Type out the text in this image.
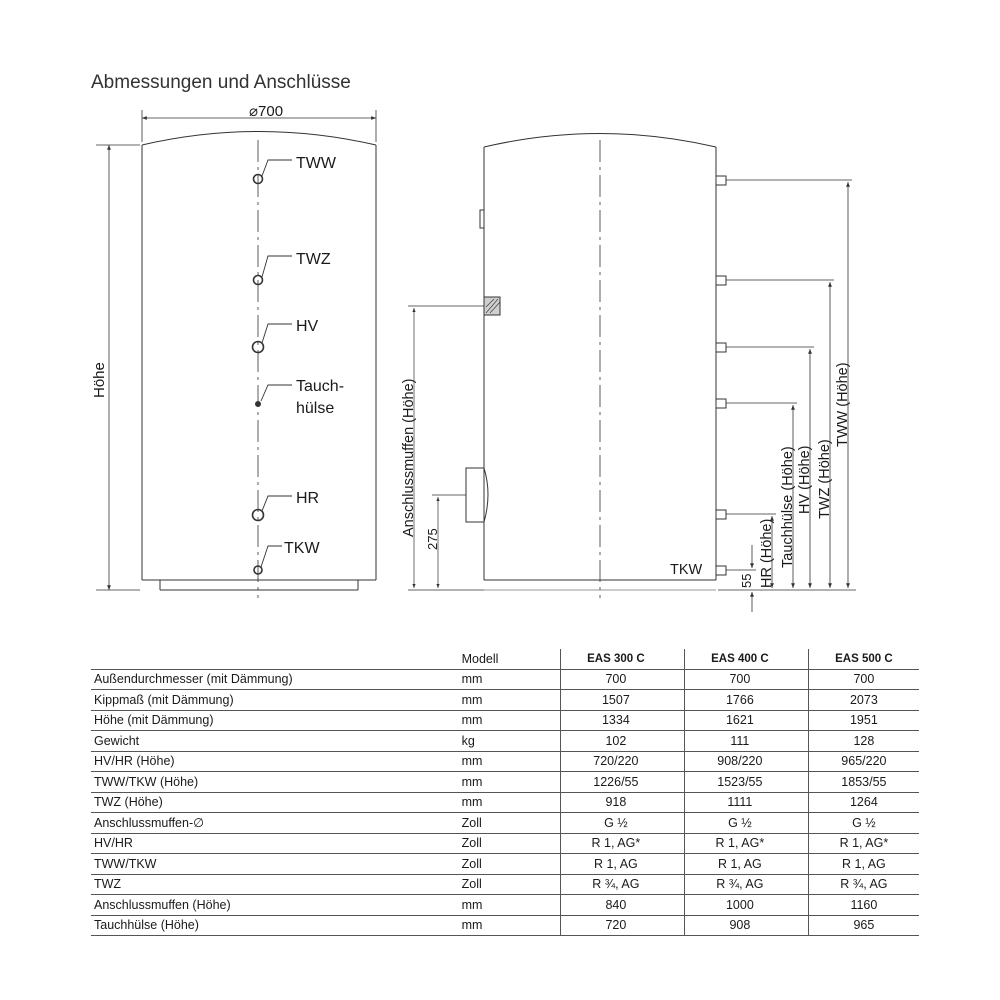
Abmessungen und Anschlüsse
⌀700
Höhe
TWW
TWZ
HV
Tauch-
hülse
HR
TKW
Anschlussmuffen (Höhe)
275
TKW
55 HR (Höhe) Tauchhülse (Höhe) HV (Höhe) TWZ (Höhe)
TWW (Höhe)
	Modell		EAS 300 C		EAS 400 C		EAS 500 C
Außendurchmesser (mit Dämmung)	mm		700		700		700
Kippmaß (mit Dämmung)	mm		1507		1766		2073
Höhe (mit Dämmung)	mm		1334		1621		1951
Gewicht	kg		102		111		128
HV/HR (Höhe)	mm		720/220		908/220		965/220
TWW/TKW (Höhe)	mm		1226/55		1523/55		1853/55
TWZ (Höhe)	mm		918		1111		1264
Anschlussmuffen-∅	Zoll		G ½		G ½		G ½
HV/HR	Zoll		R 1, AG*		R 1, AG*		R 1, AG*
TWW/TKW	Zoll		R 1, AG		R 1, AG		R 1, AG
TWZ	Zoll		R ¾, AG		R ¾, AG		R ¾, AG
Anschlussmuffen (Höhe)	mm		840		1000		1160
Tauchhülse (Höhe)	mm		720		908		965
